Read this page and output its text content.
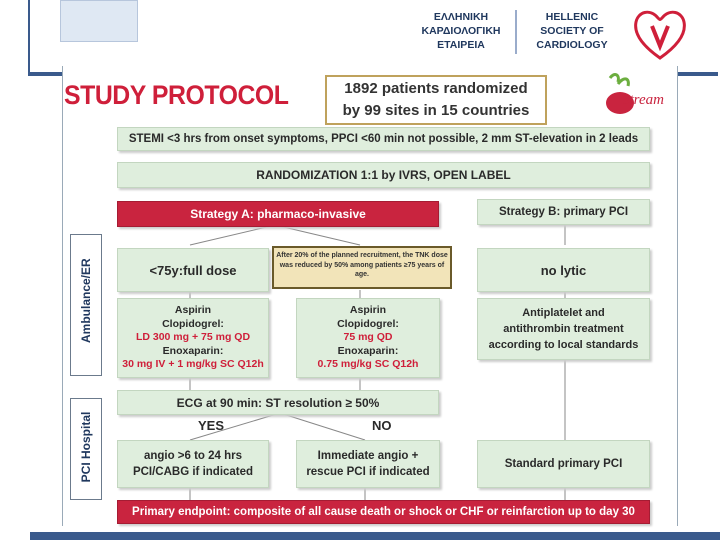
ΕΛΛΗΝΙΚΗ
ΚΑΡΔΙΟΛΟΓΙΚΗ
ΕΤΑΙΡΕΙΑ
HELLENIC
SOCIETY OF
CARDIOLOGY
STUDY PROTOCOL	1892 patients randomized
by 99 sites in 15 countries
Stream
STEMI <3 hrs from onset symptoms, PPCI <60 min not possible, 2 mm ST-elevation in 2 leads
RANDOMIZATION 1:1 by IVRS, OPEN LABEL
Strategy A: pharmaco-invasive	Strategy B: primary PCI
<75y:full dose
After 20% of the planned recruitment, the TNK dose was reduced by 50% among patients ≥75 years of age.	no lytic
Aspirin
Clopidogrel:
LD 300 mg + 75 mg QD
Enoxaparin:
30 mg IV + 1 mg/kg SC Q12h
Aspirin
Clopidogrel:
75 mg QD
Enoxaparin:
0.75 mg/kg SC Q12h
Antiplatelet and
antithrombin treatment
according to local standards
ECG at 90 min: ST resolution ≥ 50%
YES	NO
angio >6 to 24 hrs
PCI/CABG if indicated
Immediate angio +
rescue PCI if indicated
Standard primary PCI
Primary endpoint: composite of all cause death or shock or CHF or reinfarction up to day 30
Ambulance/ER
PCI Hospital
